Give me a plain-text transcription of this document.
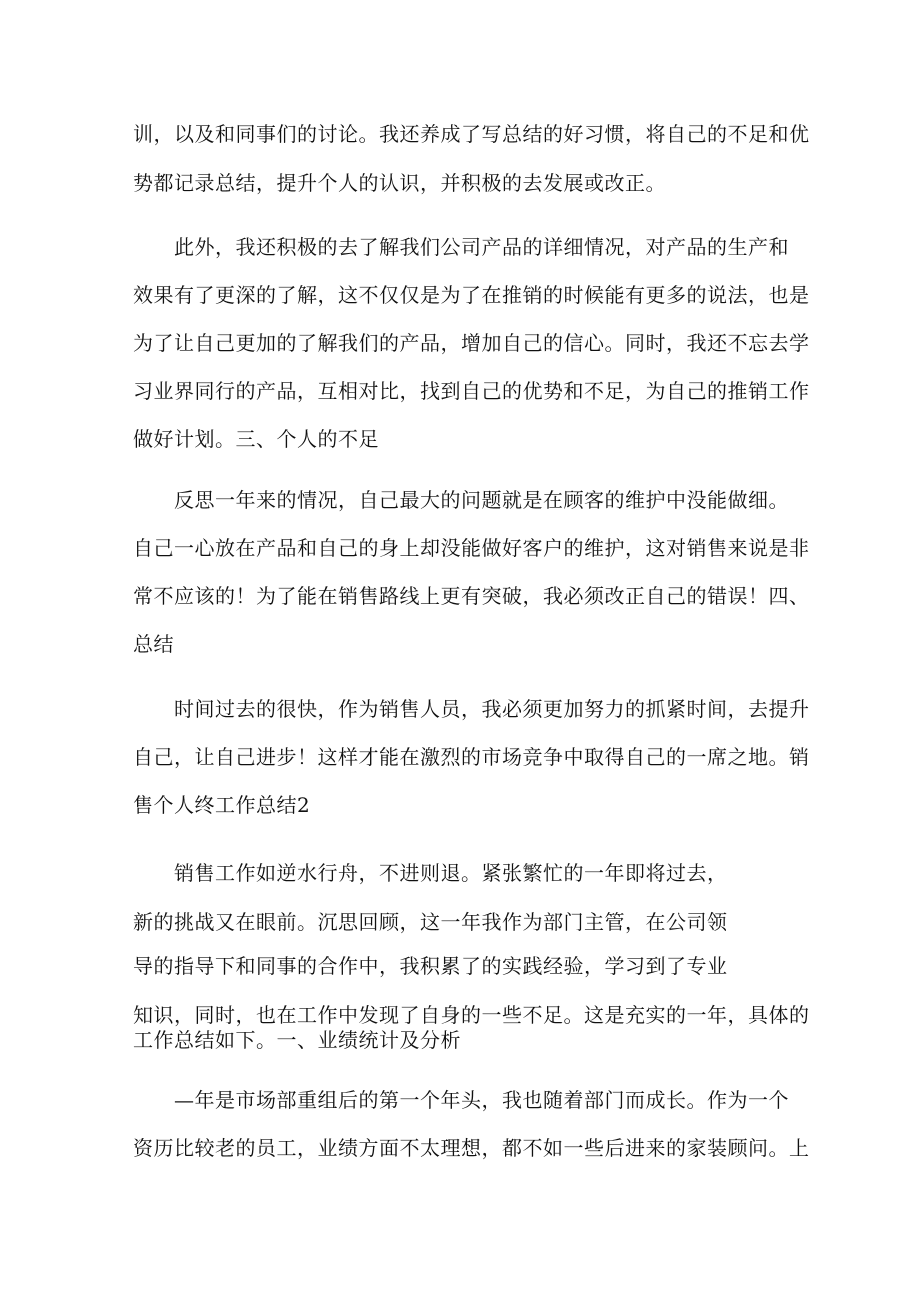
训，以及和同事们的讨论。我还养成了写总结的好习惯，将自己的不足和优
势都记录总结，提升个人的认识，并积极的去发展或改正。
此外，我还积极的去了解我们公司产品的详细情况，对产品的生产和
效果有了更深的了解，这不仅仅是为了在推销的时候能有更多的说法，也是
为了让自己更加的了解我们的产品，增加自己的信心。同时，我还不忘去学
习业界同行的产品，互相对比，找到自己的优势和不足，为自己的推销工作
做好计划。三、个人的不足
反思一年来的情况，自己最大的问题就是在顾客的维护中没能做细。
自己一心放在产品和自己的身上却没能做好客户的维护，这对销售来说是非
常不应该的！为了能在销售路线上更有突破，我必须改正自己的错误！四、
总结
时间过去的很快，作为销售人员，我必须更加努力的抓紧时间，去提升
自己，让自己进步！这样才能在激烈的市场竞争中取得自己的一席之地。销
售个人终工作总结2
销售工作如逆水行舟，不进则退。紧张繁忙的一年即将过去，
新的挑战又在眼前。沉思回顾，这一年我作为部门主管，在公司领
导的指导下和同事的合作中，我积累了的实践经验，学习到了专业
知识，同时，也在工作中发现了自身的一些不足。这是充实的一年，具体的
工作总结如下。一、业绩统计及分析
—年是市场部重组后的第一个年头，我也随着部门而成长。作为一个
资历比较老的员工，业绩方面不太理想，都不如一些后进来的家装顾问。上
